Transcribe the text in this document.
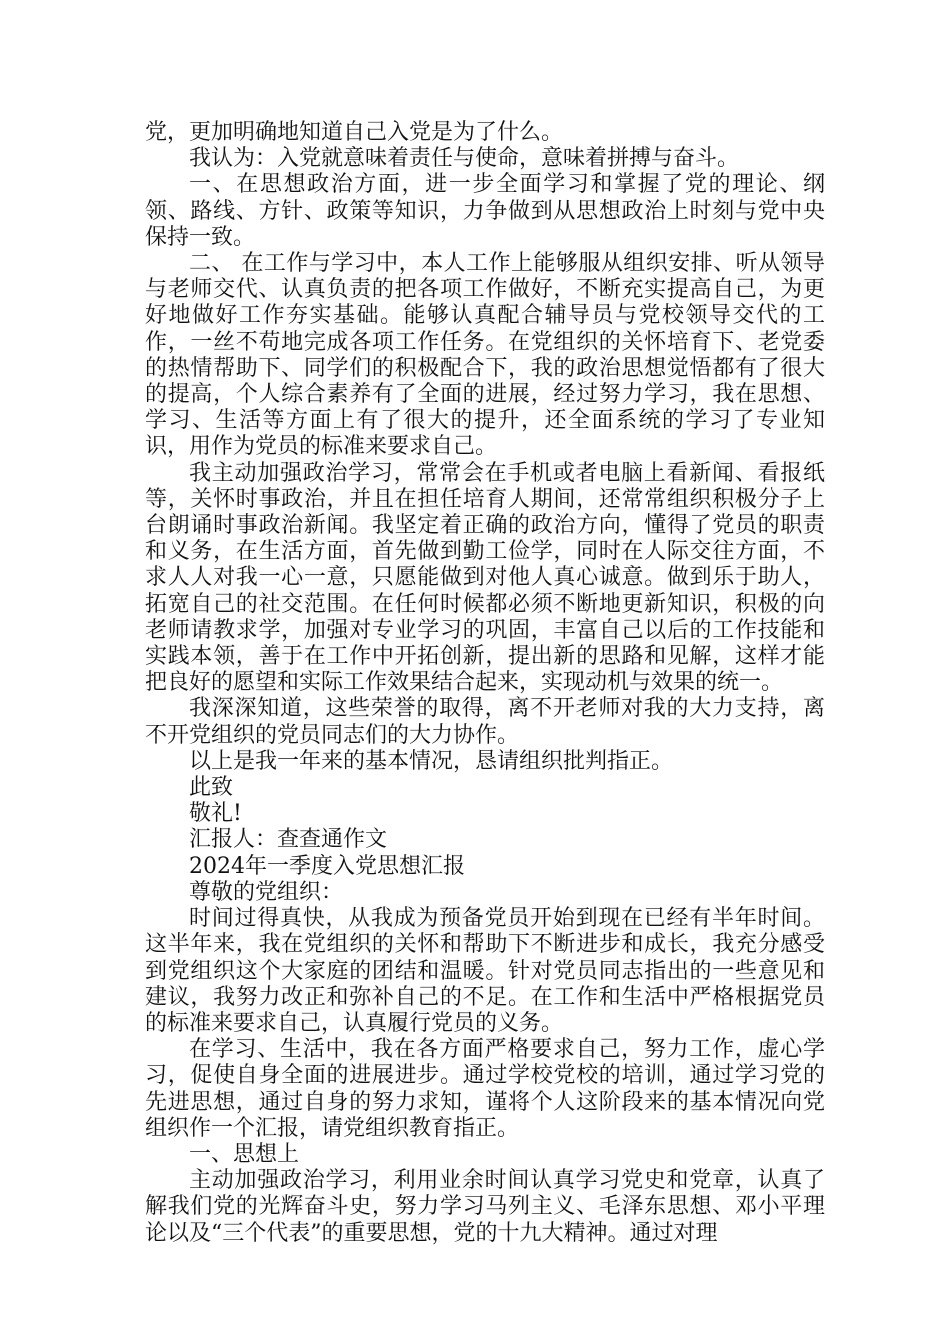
党，更加明确地知道自己入党是为了什么。

我认为：入党就意味着责任与使命，意味着拼搏与奋斗。

一、在思想政治方面，进一步全面学习和掌握了党的理论、纲领、路线、方针、政策等知识，力争做到从思想政治上时刻与党中央保持一致。

二、 在工作与学习中，本人工作上能够服从组织安排、听从领导与老师交代、认真负责的把各项工作做好，不断充实提高自己，为更好地做好工作夯实基础。能够认真配合辅导员与党校领导交代的工作，一丝不苟地完成各项工作任务。在党组织的关怀培育下、老党委的热情帮助下、同学们的积极配合下，我的政治思想觉悟都有了很大的提高，个人综合素养有了全面的进展，经过努力学习，我在思想、学习、生活等方面上有了很大的提升，还全面系统的学习了专业知识，用作为党员的标准来要求自己。

我主动加强政治学习，常常会在手机或者电脑上看新闻、看报纸等，关怀时事政治，并且在担任培育人期间，还常常组织积极分子上台朗诵时事政治新闻。我坚定着正确的政治方向，懂得了党员的职责和义务，在生活方面，首先做到勤工俭学，同时在人际交往方面，不求人人对我一心一意，只愿能做到对他人真心诚意。做到乐于助人，拓宽自己的社交范围。在任何时候都必须不断地更新知识，积极的向老师请教求学，加强对专业学习的巩固，丰富自己以后的工作技能和实践本领，善于在工作中开拓创新，提出新的思路和见解，这样才能把良好的愿望和实际工作效果结合起来，实现动机与效果的统一。

我深深知道，这些荣誉的取得，离不开老师对我的大力支持，离不开党组织的党员同志们的大力协作。

以上是我一年来的基本情况，恳请组织批判指正。

此致

敬礼!

汇报人：查查通作文

2024年一季度入党思想汇报

尊敬的党组织：

时间过得真快，从我成为预备党员开始到现在已经有半年时间。这半年来，我在党组织的关怀和帮助下不断进步和成长，我充分感受到党组织这个大家庭的团结和温暖。针对党员同志指出的一些意见和建议，我努力改正和弥补自己的不足。在工作和生活中严格根据党员的标准来要求自己，认真履行党员的义务。

在学习、生活中，我在各方面严格要求自己，努力工作，虚心学习，促使自身全面的进展进步。通过学校党校的培训，通过学习党的先进思想，通过自身的努力求知，谨将个人这阶段来的基本情况向党组织作一个汇报，请党组织教育指正。

一、思想上

主动加强政治学习，利用业余时间认真学习党史和党章，认真了解我们党的光辉奋斗史，努力学习马列主义、毛泽东思想、邓小平理论以及“三个代表”的重要思想，党的十九大精神。通过对理
